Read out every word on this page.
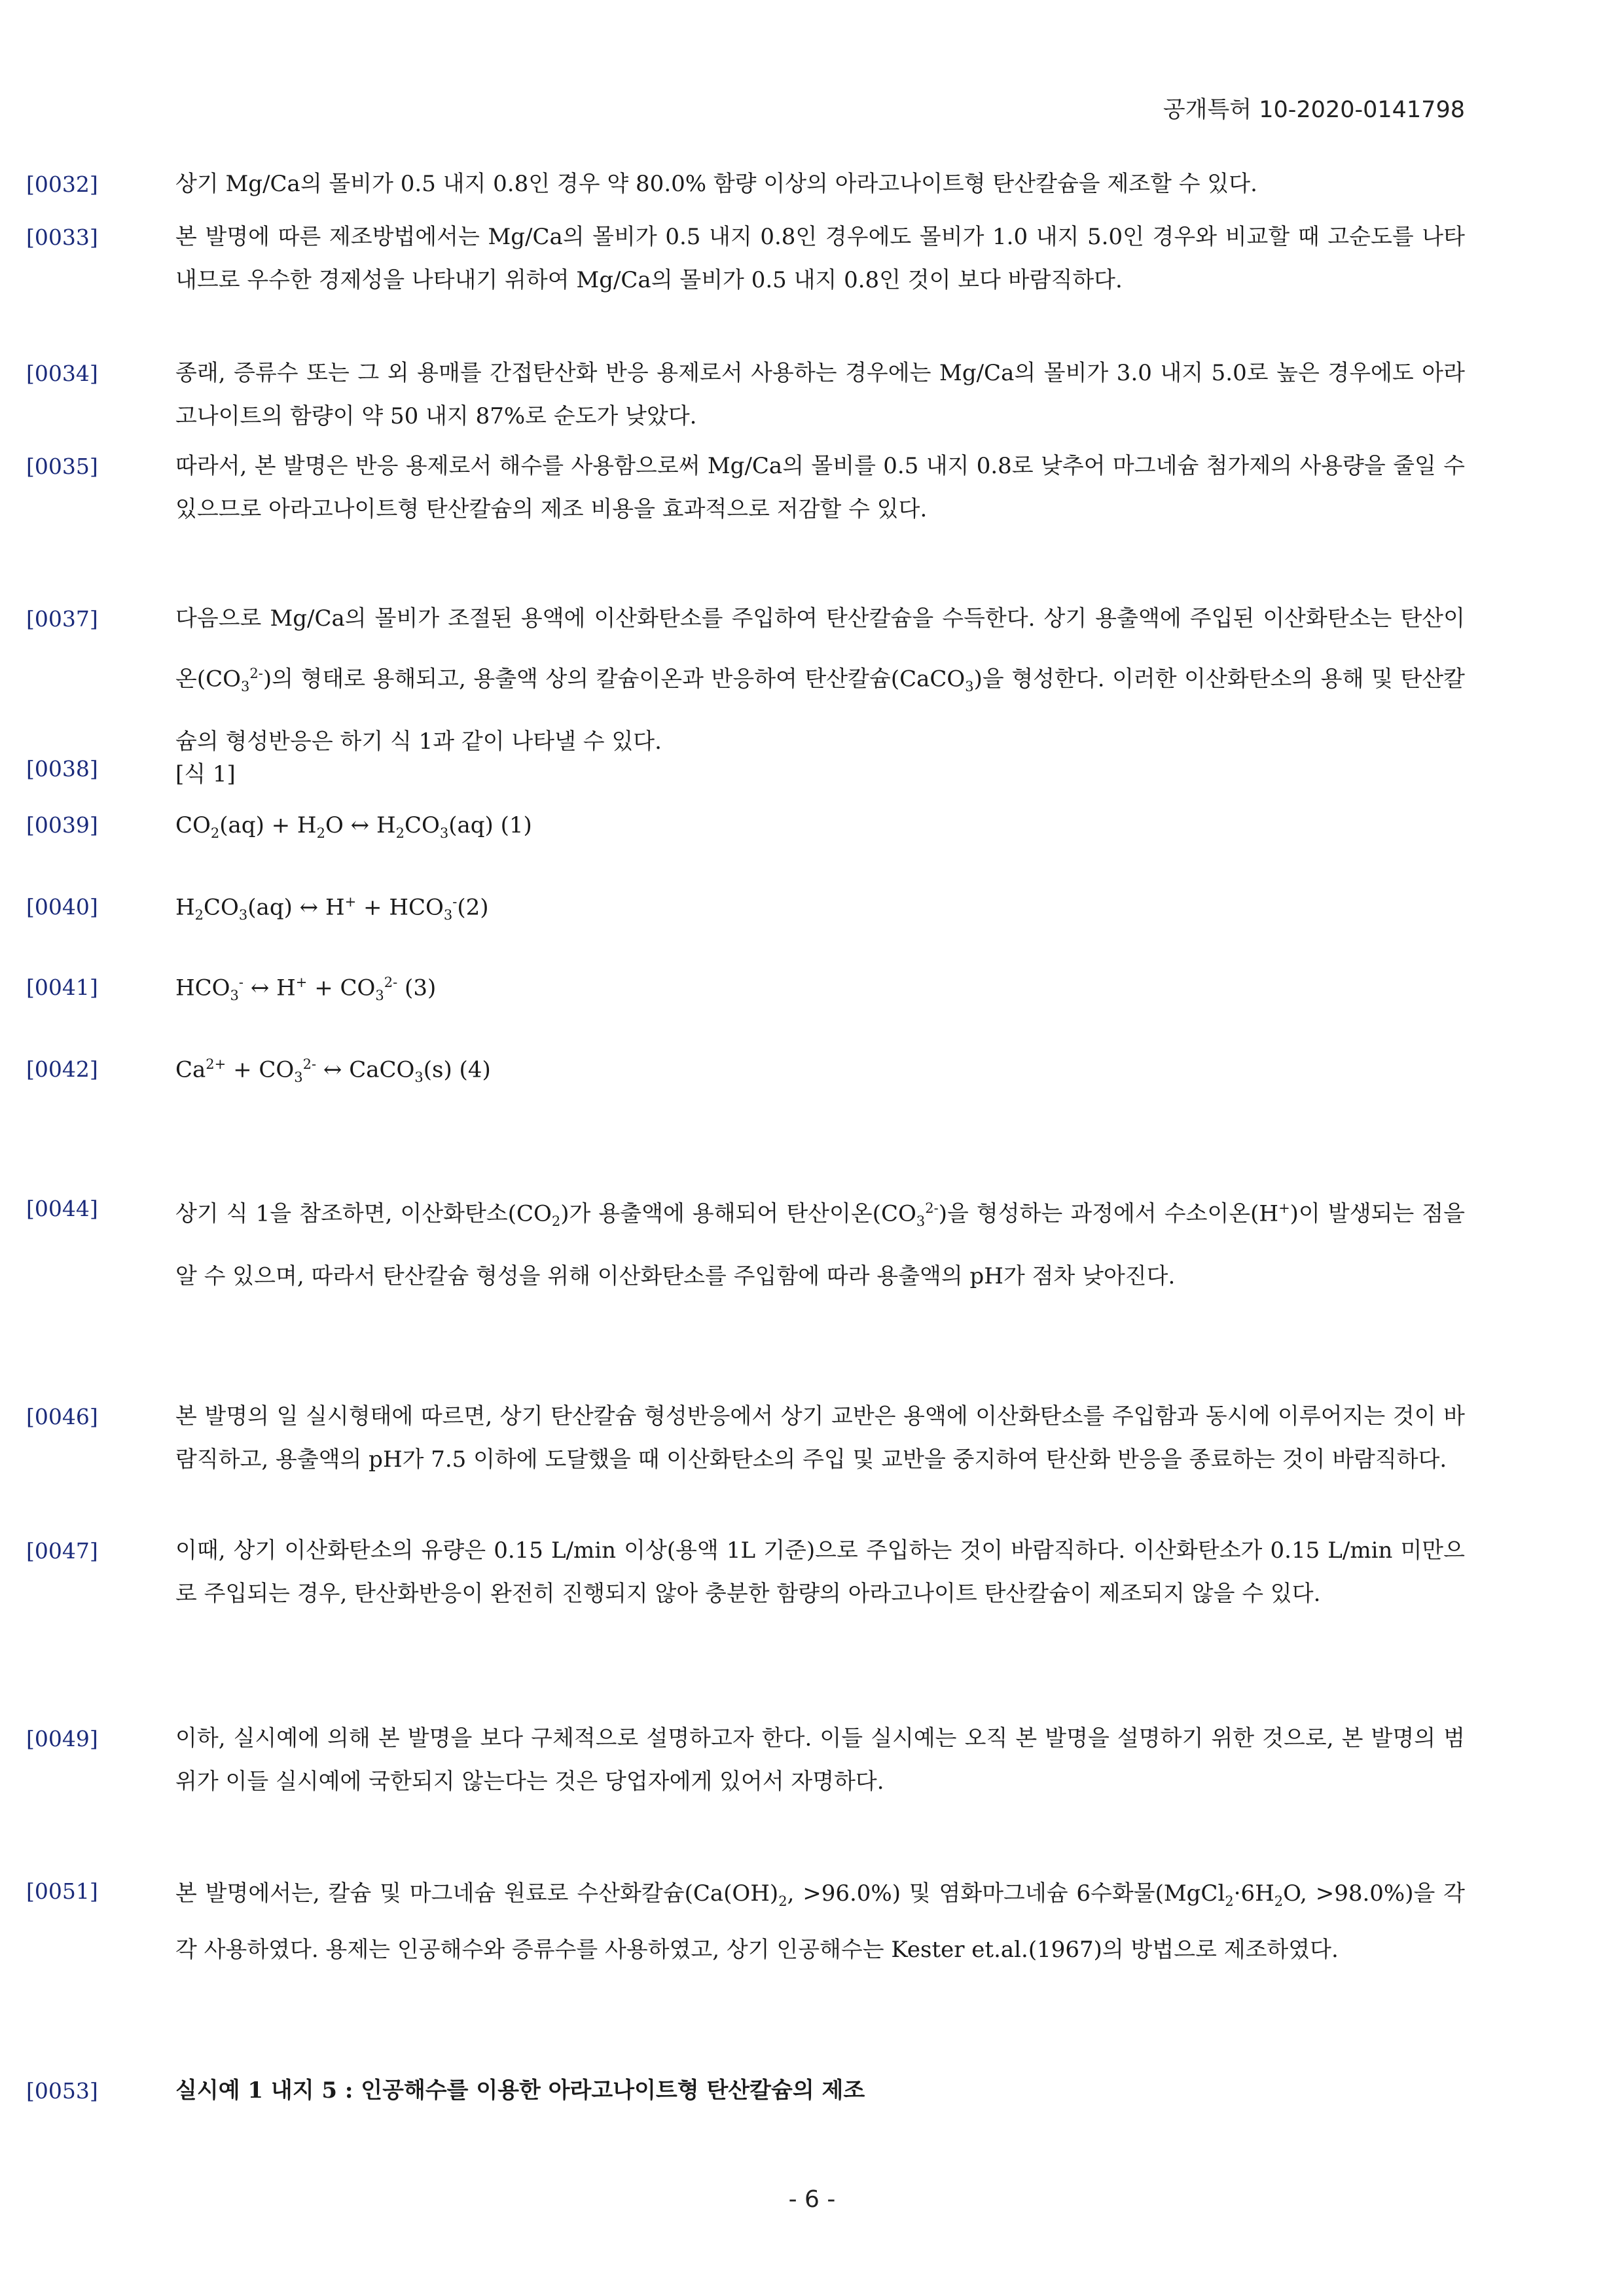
공개특허 10-2020-0141798
[0032]	상기 Mg/Ca의 몰비가 0.5 내지 0.8인 경우 약 80.0% 함량 이상의 아라고나이트형 탄산칼슘을 제조할 수 있다.
[0033]	본 발명에 따른 제조방법에서는 Mg/Ca의 몰비가 0.5 내지 0.8인 경우에도 몰비가 1.0 내지 5.0인 경우와 비교할 때 고순도를 나타내므로 우수한 경제성을 나타내기 위하여 Mg/Ca의 몰비가 0.5 내지 0.8인 것이 보다 바람직하다.
[0034]	종래, 증류수 또는 그 외 용매를 간접탄산화 반응 용제로서 사용하는 경우에는 Mg/Ca의 몰비가 3.0 내지 5.0로 높은 경우에도 아라고나이트의 함량이 약 50 내지 87%로 순도가 낮았다.
[0035]	따라서, 본 발명은 반응 용제로서 해수를 사용함으로써 Mg/Ca의 몰비를 0.5 내지 0.8로 낮추어 마그네슘 첨가제의 사용량을 줄일 수 있으므로 아라고나이트형 탄산칼슘의 제조 비용을 효과적으로 저감할 수 있다.
[0037]	다음으로 Mg/Ca의 몰비가 조절된 용액에 이산화탄소를 주입하여 탄산칼슘을 수득한다. 상기 용출액에 주입된 이산화탄소는 탄산이온$(CO_3^{2-})$의 형태로 용해되고, 용출액 상의 칼슘이온과 반응하여 탄산칼슘(CaCO$_3$)을 형성한다. 이러한 이산화탄소의 용해 및 탄산칼슘의 형성반응은 하기 식 1과 같이 나타낼 수 있다.
[0038]	[식 1]
[0039]	$CO_2(aq) + H_2O$ ↔ $H_2CO_3(aq)$ (1)
[0040]	$H_2CO_3(aq)$ ↔ $H^+ + HCO_3^-(2)$
[0041]	$HCO_3^-$ ↔ $H^+ + CO_3^{2-}$ (3)
[0042]	$Ca^{2+} + CO_3^{2-}$ ↔ CaCO$_3$(s) (4)
[0044]	상기 식 1을 참조하면, 이산화탄소$(CO_2)$가 용출액에 용해되어 탄산이온$(CO_3^{2-})$을 형성하는 과정에서 수소이온(H+)이 발생되는 점을 알 수 있으며, 따라서 탄산칼슘 형성을 위해 이산화탄소를 주입함에 따라 용출액의 pH가 점차 낮아진다.
[0046]	본 발명의 일 실시형태에 따르면, 상기 탄산칼슘 형성반응에서 상기 교반은 용액에 이산화탄소를 주입함과 동시에 이루어지는 것이 바람직하고, 용출액의 pH가 7.5 이하에 도달했을 때 이산화탄소의 주입 및 교반을 중지하여 탄산화 반응을 종료하는 것이 바람직하다.
[0047]	이때, 상기 이산화탄소의 유량은 0.15 L/min 이상(용액 1L 기준)으로 주입하는 것이 바람직하다. 이산화탄소가 0.15 L/min 미만으로 주입되는 경우, 탄산화반응이 완전히 진행되지 않아 충분한 함량의 아라고나이트 탄산칼슘이 제조되지 않을 수 있다.
[0049]	이하, 실시예에 의해 본 발명을 보다 구체적으로 설명하고자 한다. 이들 실시예는 오직 본 발명을 설명하기 위한 것으로, 본 발명의 범위가 이들 실시예에 국한되지 않는다는 것은 당업자에게 있어서 자명하다.
[0051]	본 발명에서는, 칼슘 및 마그네슘 원료로 수산화칼슘($Ca(OH)_2$, >96.0%) 및 염화마그네슘 6수화물($MgCl_2\cdot 6H_2O$, >98.0%)을 각각 사용하였다. 용제는 인공해수와 증류수를 사용하였고, 상기 인공해수는 Kester et.al.(1967)의 방법으로 제조하였다.
[0053]	실시예 1 내지 5 : 인공해수를 이용한 아라고나이트형 탄산칼슘의 제조
- 6 -
